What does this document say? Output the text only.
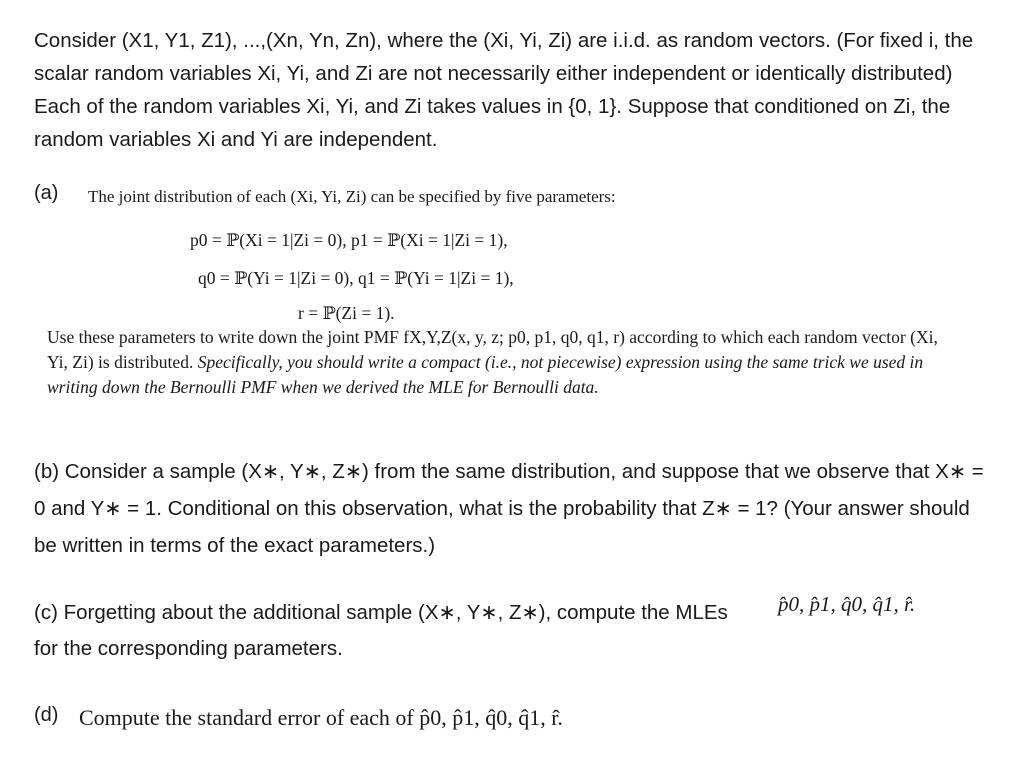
Consider (X1, Y1, Z1), ...,(Xn, Yn, Zn), where the (Xi, Yi, Zi) are i.i.d. as random vectors. (For fixed i, the scalar random variables Xi, Yi, and Zi are not necessarily either independent or identically distributed) Each of the random variables Xi, Yi, and Zi takes values in {0, 1}. Suppose that conditioned on Zi, the random variables Xi and Yi are independent.
(a) The joint distribution of each (Xi, Yi, Zi) can be specified by five parameters:
p0 = ℙ(Xi = 1|Zi = 0), p1 = ℙ(Xi = 1|Zi = 1),
q0 = ℙ(Yi = 1|Zi = 0), q1 = ℙ(Yi = 1|Zi = 1),
r = ℙ(Zi = 1).
Use these parameters to write down the joint PMF fX,Y,Z(x, y, z; p0, p1, q0, q1, r) according to which each random vector (Xi, Yi, Zi) is distributed. Specifically, you should write a compact (i.e., not piecewise) expression using the same trick we used in writing down the Bernoulli PMF when we derived the MLE for Bernoulli data.
(b) Consider a sample (X∗, Y∗, Z∗) from the same distribution, and suppose that we observe that X∗ = 0 and Y∗ = 1. Conditional on this observation, what is the probability that Z∗ = 1? (Your answer should be written in terms of the exact parameters.)
(c) Forgetting about the additional sample (X∗, Y∗, Z∗), compute the MLEs p̂0, p̂1, q̂0, q̂1, r̂.
for the corresponding parameters.
(d) Compute the standard error of each of p̂0, p̂1, q̂0, q̂1, r̂.
